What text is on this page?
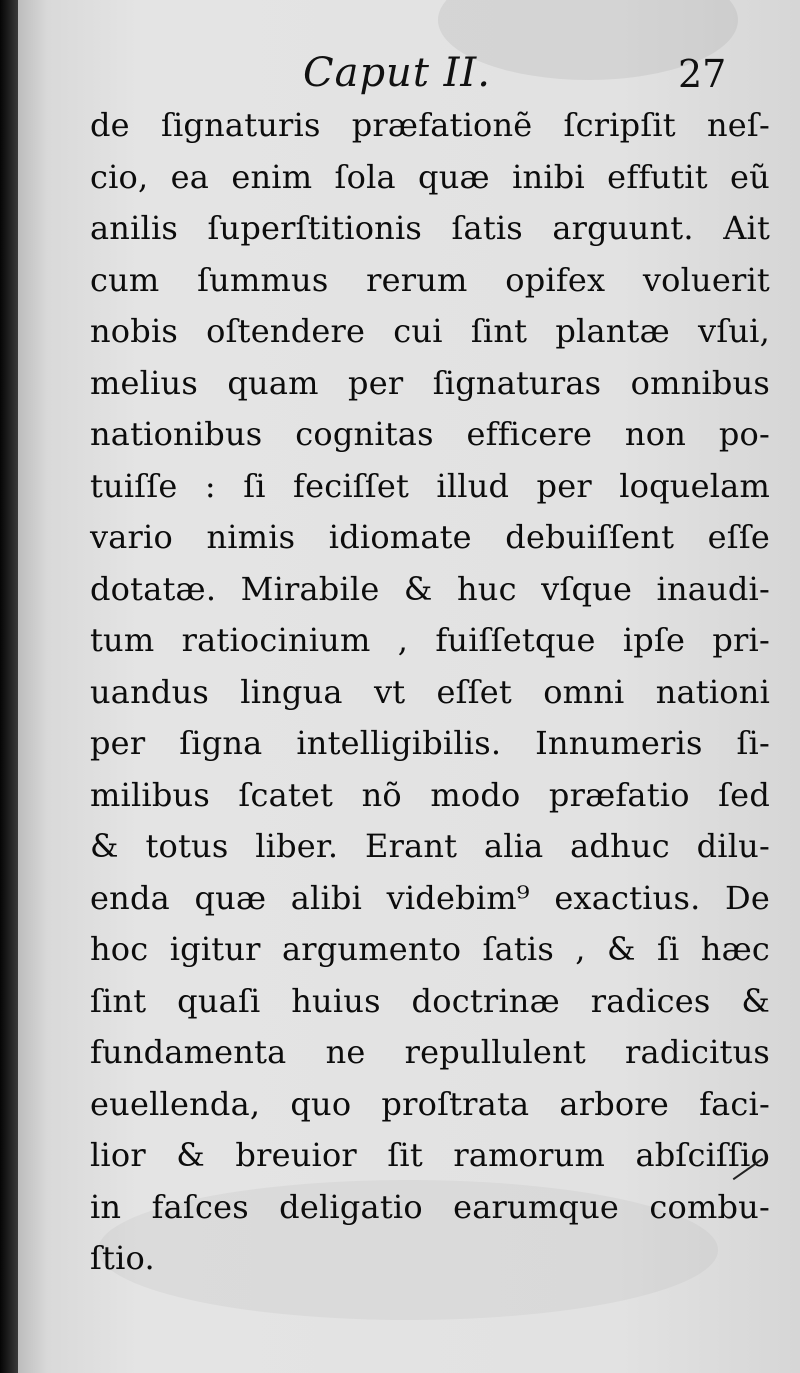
Caput II.	27
de ſignaturis præfationẽ ſcripſit neſ-
cio, ea enim ſola quæ inibi effutit eũ
anilis ſuperſtitionis ſatis arguunt. Ait
cum ſummus rerum opifex voluerit
nobis oſtendere cui ſint plantæ vſui,
melius quam per ſignaturas omnibus
nationibus cognitas efficere non po-
tuiſſe : ſi feciſſet illud per loquelam
vario nimis idiomate debuiſſent eſſe
dotatæ. Mirabile & huc vſque inaudi-
tum ratiocinium , fuiſſetque ipſe pri-
uandus lingua vt eſſet omni nationi
per ſigna intelligibilis. Innumeris ſi-
milibus ſcatet nõ modo præfatio ſed
& totus liber. Erant alia adhuc dilu-
enda quæ alibi videbim⁹ exactius. De
hoc igitur argumento ſatis , & ſi hæc
ſint quaſi huius doctrinæ radices &
fundamenta ne repullulent radicitus
euellenda, quo proſtrata arbore faci-
lior & breuior ſit ramorum abſciſſio
in faſces deligatio earumque combu-
ſtio.
